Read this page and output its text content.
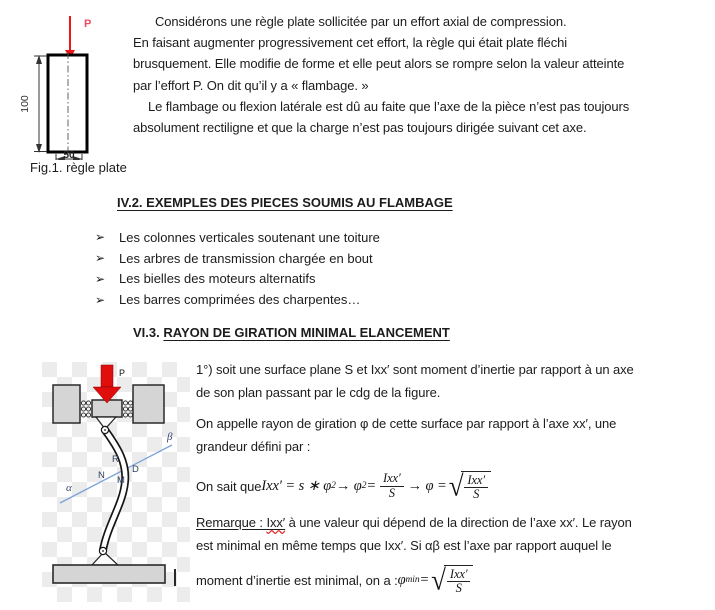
P
100
50
Fig.1. règle plate
Considérons une règle plate sollicitée par un effort axial de compression.
En faisant augmenter progressivement cet effort, la règle qui était plate fléchi
brusquement. Elle modifie de forme et elle peut alors se rompre selon la valeur atteinte
par l’effort P. On dit qu’il y a « flambage. »
Le flambage ou flexion latérale est dû au faite que l’axe de la pièce n’est pas toujours
absolument rectiligne et que la charge n’est pas toujours dirigée suivant cet axe.
IV.2. EXEMPLES DES PIECES SOUMIS AU FLAMBAGE
➢	Les colonnes verticales soutenant une toiture
➢	Les arbres de transmission chargée en bout
➢	Les bielles des moteurs alternatifs
➢	Les barres comprimées des charpentes…
VI.3. RAYON DE GIRATION MINIMAL ELANCEMENT
P
α
β
R
N
D
M
1°) soit une surface plane S et Ixx′ sont moment d’inertie par rapport à un axe
de son plan passant par le cdg de la figure.
On appelle rayon de giration φ de cette surface par rapport à l’axe xx′, une
grandeur défini par :
On sait que Ixx′ = s ∗ φ 2 → φ $2 = \frac{\text{Ixx′}}{S} \to \varphi$ = √ $\frac{\text{Ixx′}}{S}$
Remarque : Ixx′ à une valeur qui dépend de la direction de l’axe xx′. Le rayon
est minimal en même temps que Ixx′. Si αβ est l’axe par rapport auquel le
moment d’inertie est minimal, on a : φ min = √ $\frac{\text{Ixx′}}{S}$
